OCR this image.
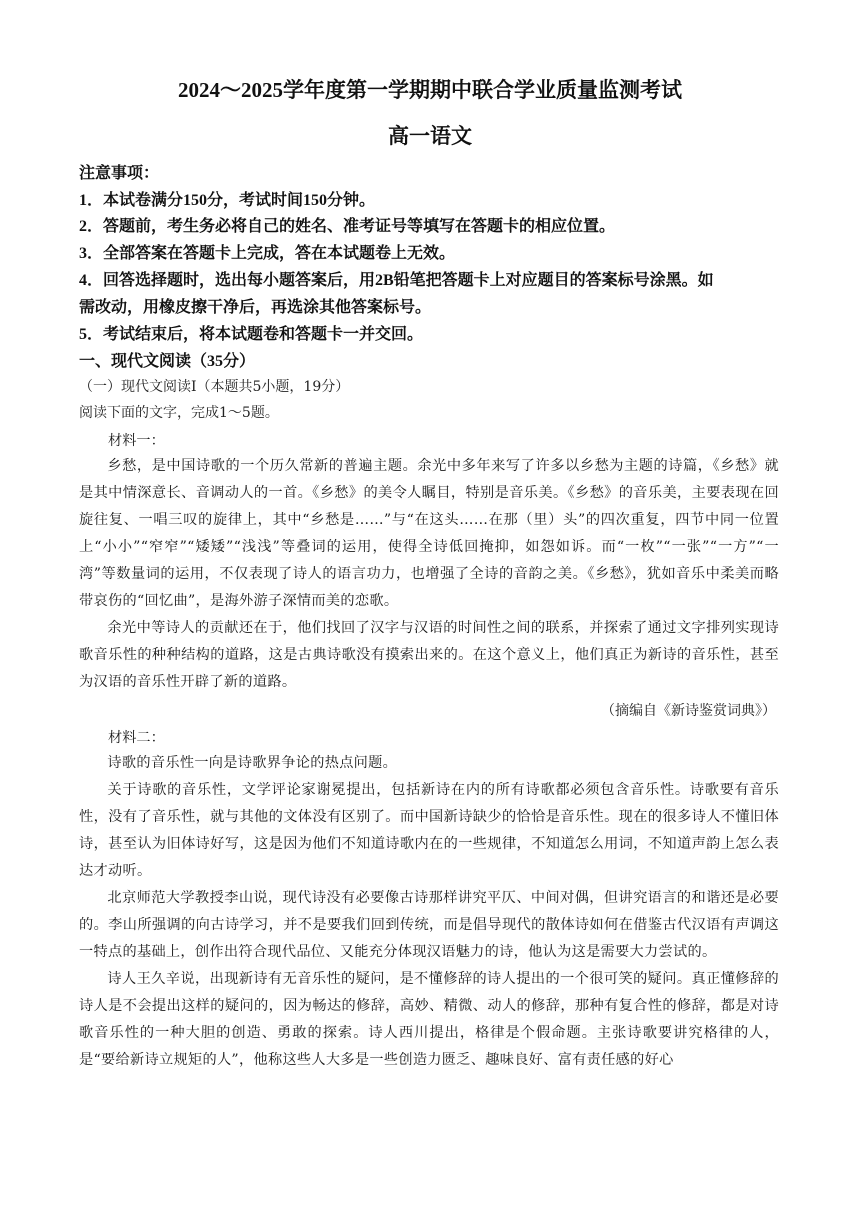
2024～2025学年度第一学期期中联合学业质量监测考试
高一语文
注意事项：
1．本试卷满分150分，考试时间150分钟。
2．答题前，考生务必将自己的姓名、准考证号等填写在答题卡的相应位置。
3．全部答案在答题卡上完成，答在本试题卷上无效。
4．回答选择题时，选出每小题答案后，用2B铅笔把答题卡上对应题目的答案标号涂黑。如
需改动，用橡皮擦干净后，再选涂其他答案标号。
5．考试结束后，将本试题卷和答题卡一并交回。
一、现代文阅读（35分）
（一）现代文阅读Ⅰ（本题共5小题，19分）
阅读下面的文字，完成1～5题。
材料一：

乡愁，是中国诗歌的一个历久常新的普遍主题。余光中多年来写了许多以乡愁为主题的诗篇，《乡愁》就是其中情深意长、音调动人的一首。《乡愁》的美令人瞩目，特别是音乐美。《乡愁》的音乐美，主要表现在回旋往复、一唱三叹的旋律上，其中“乡愁是……”与“在这头……在那（里）头”的四次重复，四节中同一位置上“小小”“窄窄”“矮矮”“浅浅”等叠词的运用，使得全诗低回掩抑，如怨如诉。而“一枚”“一张”“一方”“一湾”等数量词的运用，不仅表现了诗人的语言功力，也增强了全诗的音韵之美。《乡愁》，犹如音乐中柔美而略带哀伤的“回忆曲”，是海外游子深情而美的恋歌。

余光中等诗人的贡献还在于，他们找回了汉字与汉语的时间性之间的联系，并探索了通过文字排列实现诗歌音乐性的种种结构的道路，这是古典诗歌没有摸索出来的。在这个意义上，他们真正为新诗的音乐性，甚至为汉语的音乐性开辟了新的道路。

（摘编自《新诗鉴赏词典》）
材料二：

诗歌的音乐性一向是诗歌界争论的热点问题。

关于诗歌的音乐性，文学评论家谢冕提出，包括新诗在内的所有诗歌都必须包含音乐性。诗歌要有音乐性，没有了音乐性，就与其他的文体没有区别了。而中国新诗缺少的恰恰是音乐性。现在的很多诗人不懂旧体诗，甚至认为旧体诗好写，这是因为他们不知道诗歌内在的一些规律，不知道怎么用词，不知道声韵上怎么表达才动听。

北京师范大学教授李山说，现代诗没有必要像古诗那样讲究平仄、中间对偶，但讲究语言的和谐还是必要的。李山所强调的向古诗学习，并不是要我们回到传统，而是倡导现代的散体诗如何在借鉴古代汉语有声调这一特点的基础上，创作出符合现代品位、又能充分体现汉语魅力的诗，他认为这是需要大力尝试的。

诗人王久辛说，出现新诗有无音乐性的疑问，是不懂修辞的诗人提出的一个很可笑的疑问。真正懂修辞的诗人是不会提出这样的疑问的，因为畅达的修辞，高妙、精微、动人的修辞，那种有复合性的修辞，都是对诗歌音乐性的一种大胆的创造、勇敢的探索。诗人西川提出，格律是个假命题。主张诗歌要讲究格律的人，是“要给新诗立规矩的人”，他称这些人大多是一些创造力匮乏、趣味良好、富有责任感的好心
